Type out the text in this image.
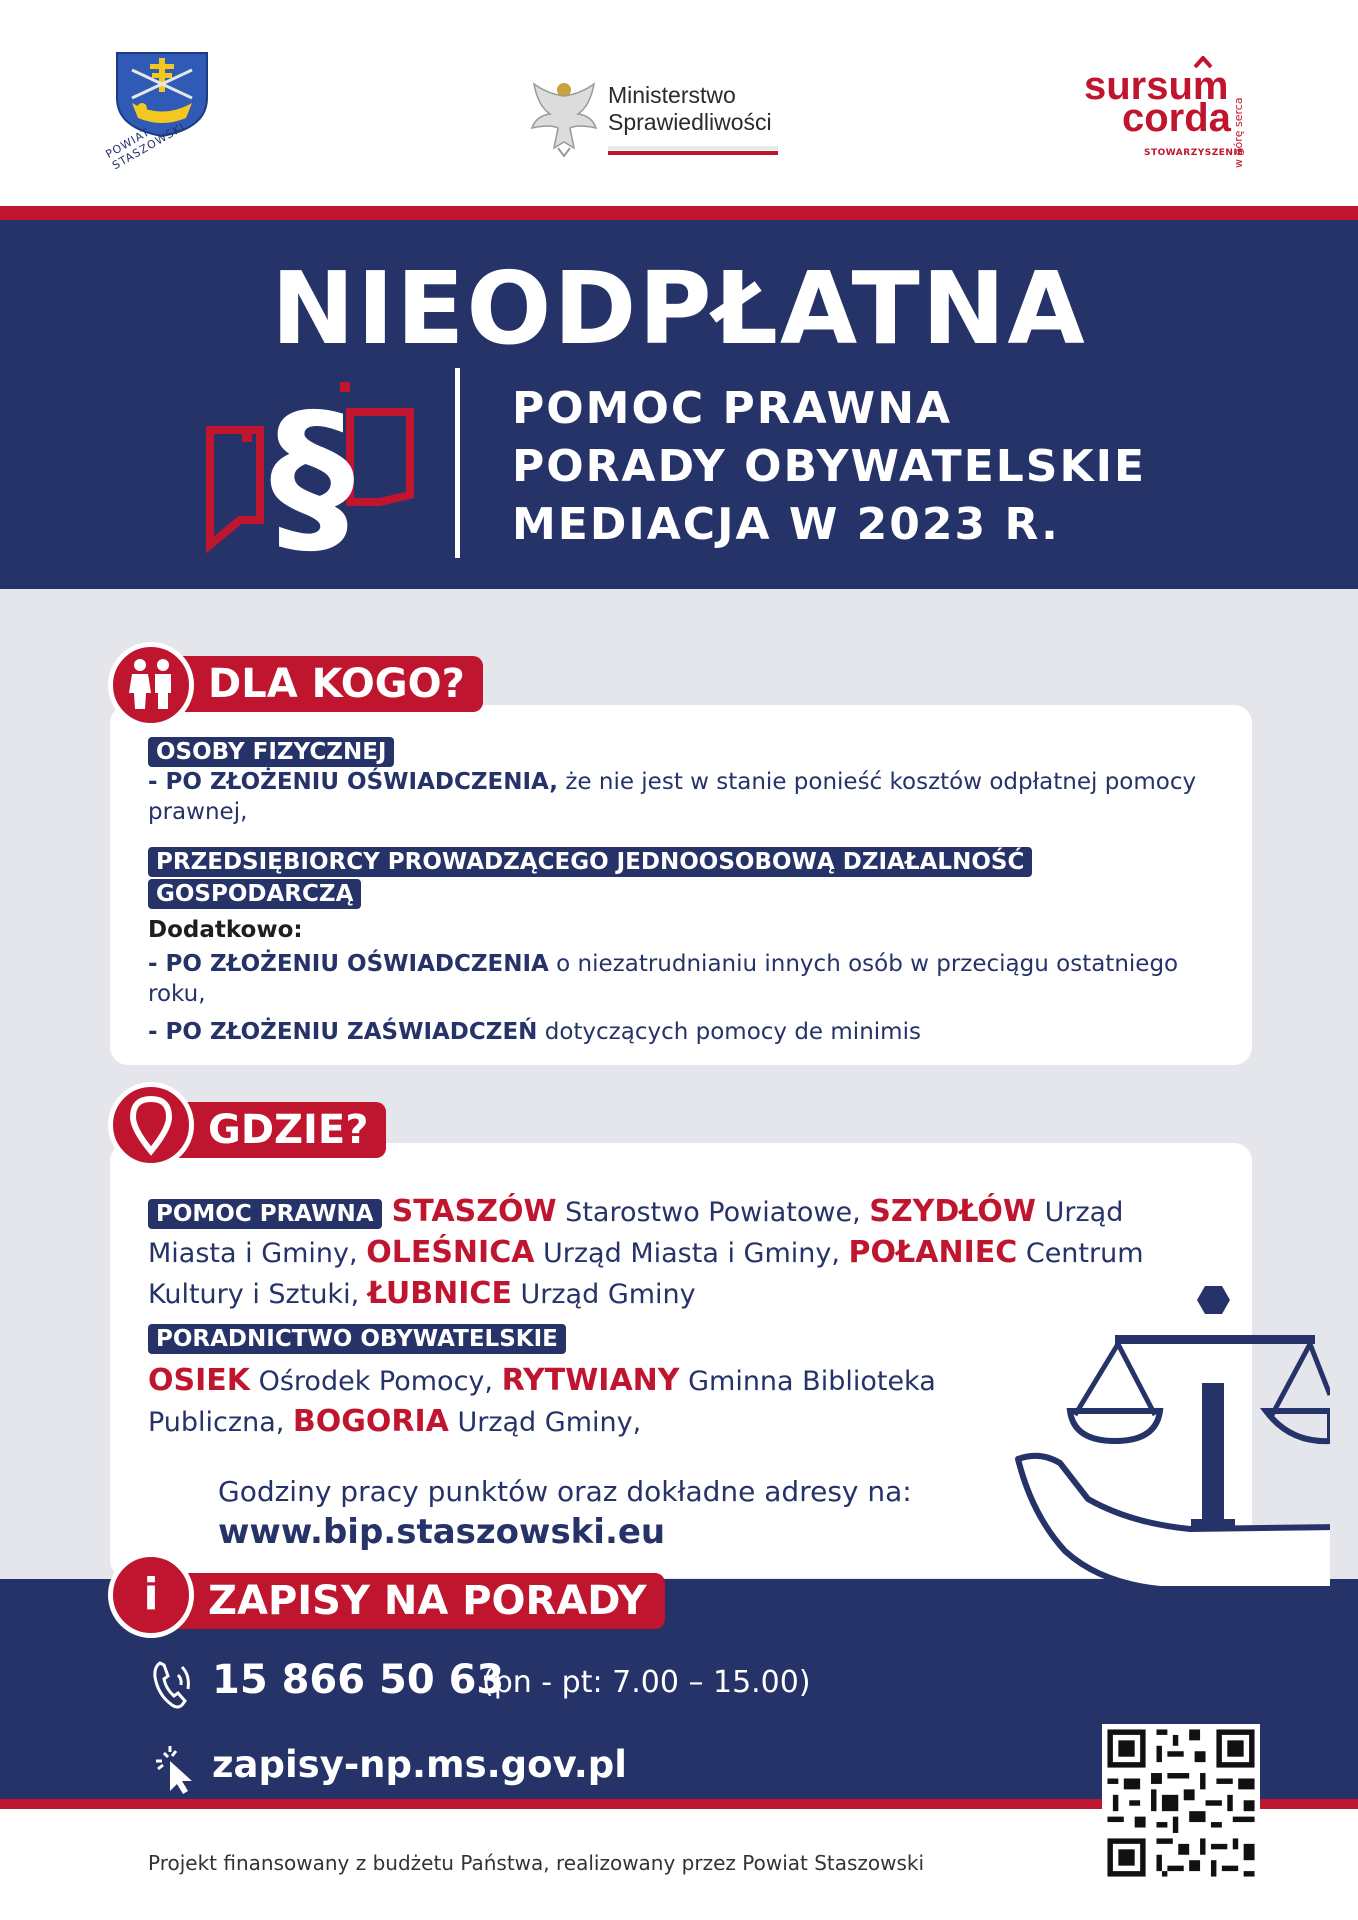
POWIAT STASZOWSKI
Ministerstwo
Sprawiedliwości
sursum
corda w górę serca
STOWARZYSZENIE
NIEODPŁATNA
§	POMOC PRAWNA
PORADY OBYWATELSKIE
MEDIACJA W 2023 R.
DLA KOGO?
OSOBY FIZYCZNEJ
- PO ZŁOŻENIU OŚWIADCZENIA, że nie jest w stanie ponieść kosztów odpłatnej pomocy prawnej,
PRZEDSIĘBIORCY PROWADZĄCEGO JEDNOOSOBOWĄ DZIAŁALNOŚĆ
GOSPODARCZĄ
Dodatkowo:
- PO ZŁOŻENIU OŚWIADCZENIA o niezatrudnianiu innych osób w przeciągu ostatniego roku,
- PO ZŁOŻENIU ZAŚWIADCZEŃ dotyczących pomocy de minimis
GDZIE?
POMOC PRAWNA STASZÓW Starostwo Powiatowe, SZYDŁÓW Urząd Miasta i Gminy, OLEŚNICA Urząd Miasta i Gminy, POŁANIEC Centrum Kultury i Sztuki, ŁUBNICE Urząd Gminy
PORADNICTWO OBYWATELSKIE
OSIEK Ośrodek Pomocy, RYTWIANY Gminna Biblioteka Publiczna, BOGORIA Urząd Gminy,
Godziny pracy punktów oraz dokładne adresy na:
www.bip.staszowski.eu
i	ZAPISY NA PORADY
15 866 50 63
(pn - pt: 7.00 – 15.00)
zapisy-np.ms.gov.pl
Projekt finansowany z budżetu Państwa, realizowany przez Powiat Staszowski
